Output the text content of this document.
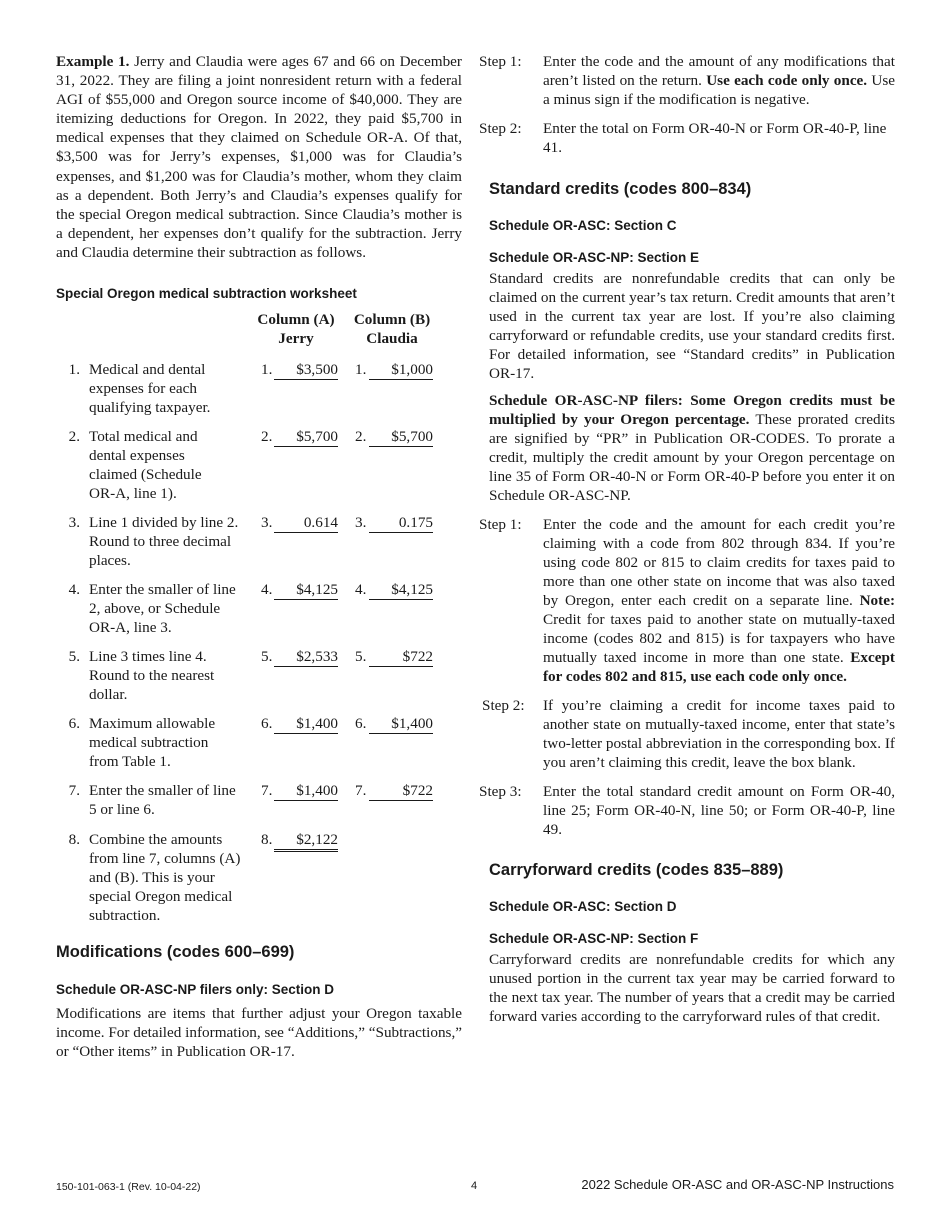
Example 1. Jerry and Claudia were ages 67 and 66 on December 31, 2022. They are filing a joint nonresident return with a federal AGI of $55,000 and Oregon source income of $40,000. They are itemizing deductions for Oregon. In 2022, they paid $5,700 in medical expenses that they claimed on Schedule OR-A. Of that, $3,500 was for Jerry’s expenses, $1,000 was for Claudia’s expenses, and $1,200 was for Claudia’s mother, whom they claim as a dependent. Both Jerry’s and Claudia’s expenses qualify for the special Oregon medical subtraction. Since Claudia’s mother is a dependent, her expenses don’t qualify for the subtraction. Jerry and Claudia determine their subtraction as follows.

Special Oregon medical subtraction worksheet
Column (A)
Jerry
Column (B)
Claudia
1. Medical and dental expenses for each qualifying taxpayer.
1.	$3,500 1.	$1,000
2. Total medical and dental expenses claimed (Schedule OR-A, line 1).
2.	$5,700 2.	$5,700
3. Line 1 divided by line 2. Round to three decimal places.
3.	0.614 3.	0.175
4. Enter the smaller of line 2, above, or Schedule OR-A, line 3.
4.	$4,125 4.	$4,125
5. Line 3 times line 4. Round to the nearest dollar.
5.	$2,533 5.	$722
6. Maximum allowable medical subtraction from Table 1.
6.	$1,400 6.	$1,400
7. Enter the smaller of line 5 or line 6.
7.	$1,400 7.	$722
8. Combine the amounts from line 7, columns (A) and (B). This is your special Oregon medical subtraction.
8.	$2,122
Modifications (codes 600–699)
Schedule OR-ASC-NP filers only: Section D

Modifications are items that further adjust your Oregon taxable income. For detailed information, see “Additions,” “Subtractions,” or “Other items” in Publication OR-17.

Step 1:	Enter the code and the amount of any modifications that aren’t listed on the return. Use each code only once. Use a minus sign if the modification is negative.
Step 2:	Enter the total on Form OR-40-N or Form OR-40-P, line 41.
Standard credits (codes 800–834)
Schedule OR-ASC: Section C
Schedule OR-ASC-NP: Section E

Standard credits are nonrefundable credits that can only be claimed on the current year’s tax return. Credit amounts that aren’t used in the current tax year are lost. If you’re also claiming carryforward or refundable credits, use your standard credits first. For detailed information, see “Standard credits” in Publication OR-17.

Schedule OR-ASC-NP filers: Some Oregon credits must be multiplied by your Oregon percentage. These prorated credits are signified by “PR” in Publication OR-CODES. To prorate a credit, multiply the credit amount by your Oregon percentage on line 35 of Form OR-40-N or Form OR-40-P before you enter it on Schedule OR-ASC-NP.

Step 1:	Enter the code and the amount for each credit you’re claiming with a code from 802 through 834. If you’re using code 802 or 815 to claim credits for taxes paid to more than one other state on income that was also taxed by Oregon, enter each credit on a separate line. Note: Credit for taxes paid to another state on mutually-taxed income (codes 802 and 815) is for taxpayers who have mutually taxed income in more than one state. Except for codes 802 and 815, use each code only once.
Step 2:	If you’re claiming a credit for income taxes paid to another state on mutually-taxed income, enter that state’s two-letter postal abbreviation in the corresponding box. If you aren’t claiming this credit, leave the box blank.
Step 3:	Enter the total standard credit amount on Form OR-40, line 25; Form OR-40-N, line 50; or Form OR-40-P, line 49.
Carryforward credits (codes 835–889)
Schedule OR-ASC: Section D
Schedule OR-ASC-NP: Section F

Carryforward credits are nonrefundable credits for which any unused portion in the current tax year may be carried forward to the next tax year. The number of years that a credit may be carried forward varies according to the carryforward rules of that credit.

150-101-063-1 (Rev. 10-04-22)	4	2022 Schedule OR-ASC and OR-ASC-NP Instructions
